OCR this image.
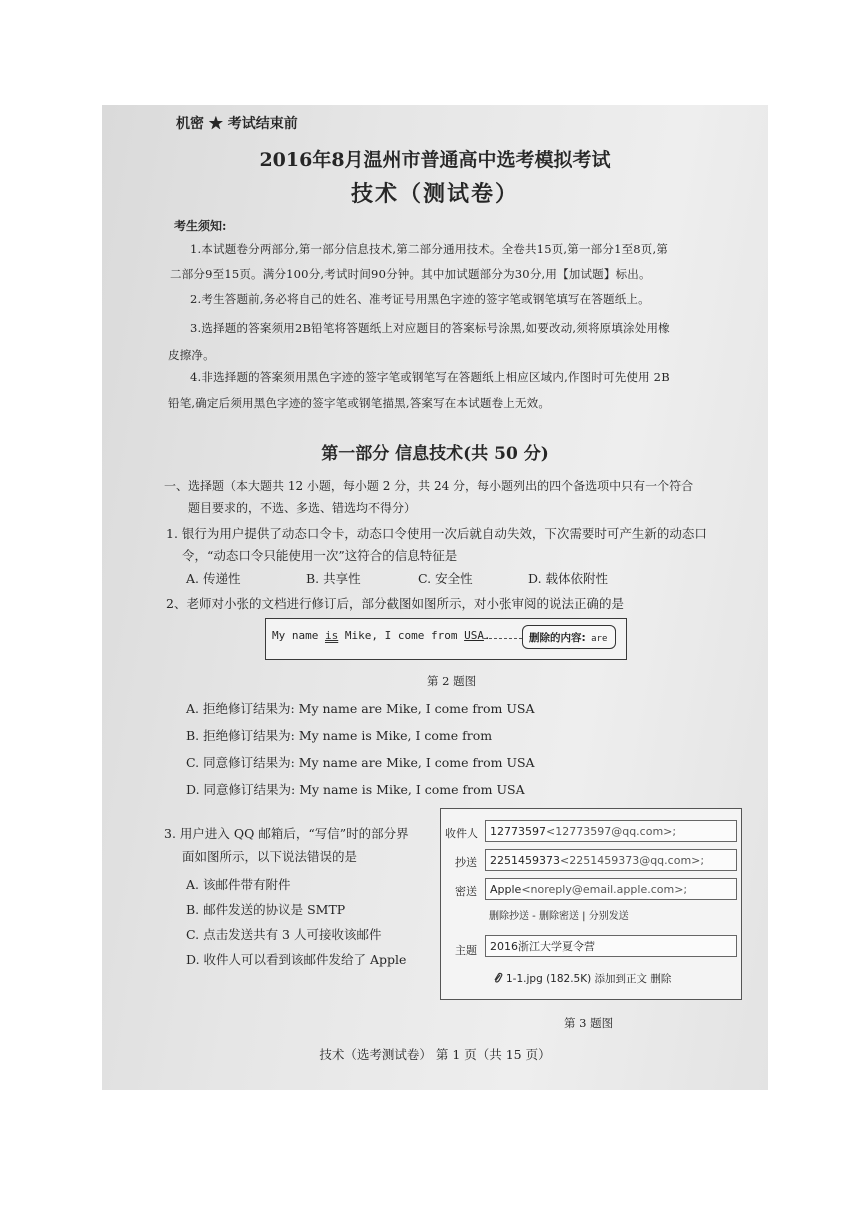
机密 ★ 考试结束前
2016年8月温州市普通高中选考模拟考试
技术（测试卷）
考生须知:
1.本试题卷分两部分,第一部分信息技术,第二部分通用技术。全卷共15页,第一部分1至8页,第
二部分9至15页。满分100分,考试时间90分钟。其中加试题部分为30分,用【加试题】标出。
2.考生答题前,务必将自己的姓名、准考证号用黑色字迹的签字笔或钢笔填写在答题纸上。
3.选择题的答案须用2B铅笔将答题纸上对应题目的答案标号涂黑,如要改动,须将原填涂处用橡
皮擦净。
4.非选择题的答案须用黑色字迹的签字笔或钢笔写在答题纸上相应区域内,作图时可先使用 2B
铅笔,确定后须用黑色字迹的签字笔或钢笔描黑,答案写在本试题卷上无效。
第一部分 信息技术(共 50 分)
一、选择题（本大题共 12 小题，每小题 2 分，共 24 分，每小题列出的四个备选项中只有一个符合
题目要求的，不选、多选、错选均不得分）
1. 银行为用户提供了动态口令卡，动态口令使用一次后就自动失效，下次需要时可产生新的动态口
令，“动态口令只能使用一次”这符合的信息特征是
A. 传递性	B. 共享性	C. 安全性	D. 载体依附性
2、老师对小张的文档进行修订后，部分截图如图所示，对小张审阅的说法正确的是
My name is Mike, I come from USA.	删除的内容: are
第 2 题图
A. 拒绝修订结果为: My name are Mike, I come from USA
B. 拒绝修订结果为: My name is Mike, I come from
C. 同意修订结果为: My name are Mike, I come from USA
D. 同意修订结果为: My name is Mike, I come from USA
3. 用户进入 QQ 邮箱后，“写信”时的部分界
面如图所示，以下说法错误的是
A. 该邮件带有附件
B. 邮件发送的协议是 SMTP
C. 点击发送共有 3 人可接收该邮件
D. 收件人可以看到该邮件发给了 Apple
收件人	12773597<12773597@qq.com>;
抄送	2251459373<2251459373@qq.com>;
密送	Apple<noreply@email.apple.com>;
删除抄送 - 删除密送 | 分别发送
主题	2016浙江大学夏令营
1-1.jpg (182.5K) 添加到正文 删除
第 3 题图
技术（选考测试卷） 第 1 页（共 15 页）
